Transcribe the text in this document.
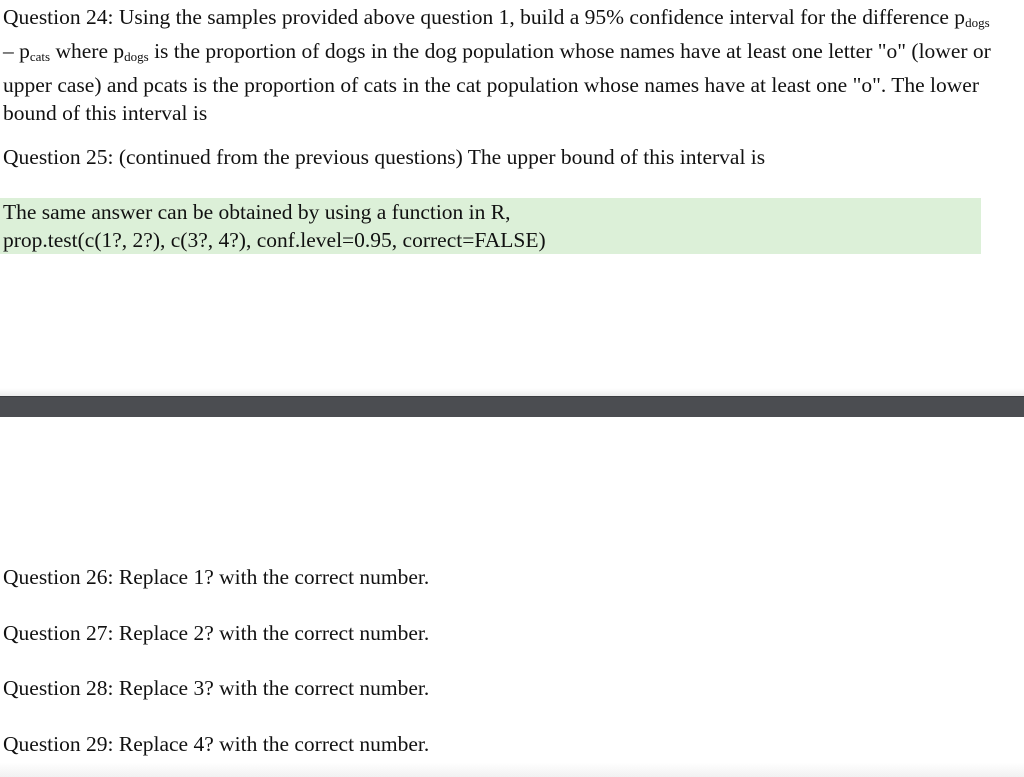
Question 24: Using the samples provided above question 1, build a 95% confidence interval for the difference $p_{dogs} - p_{cats}$ where $p_{dogs}$ is the proportion of dogs in the dog population whose names have at least one letter "o" (lower or upper case) and pcats is the proportion of cats in the cat population whose names have at least one "o". The lower bound of this interval is
Question 25: (continued from the previous questions) The upper bound of this interval is
The same answer can be obtained by using a function in R,
prop.test(c(1?, 2?), c(3?, 4?), conf.level=0.95, correct=FALSE)
Question 26: Replace 1? with the correct number.
Question 27: Replace 2? with the correct number.
Question 28: Replace 3? with the correct number.
Question 29: Replace 4? with the correct number.
